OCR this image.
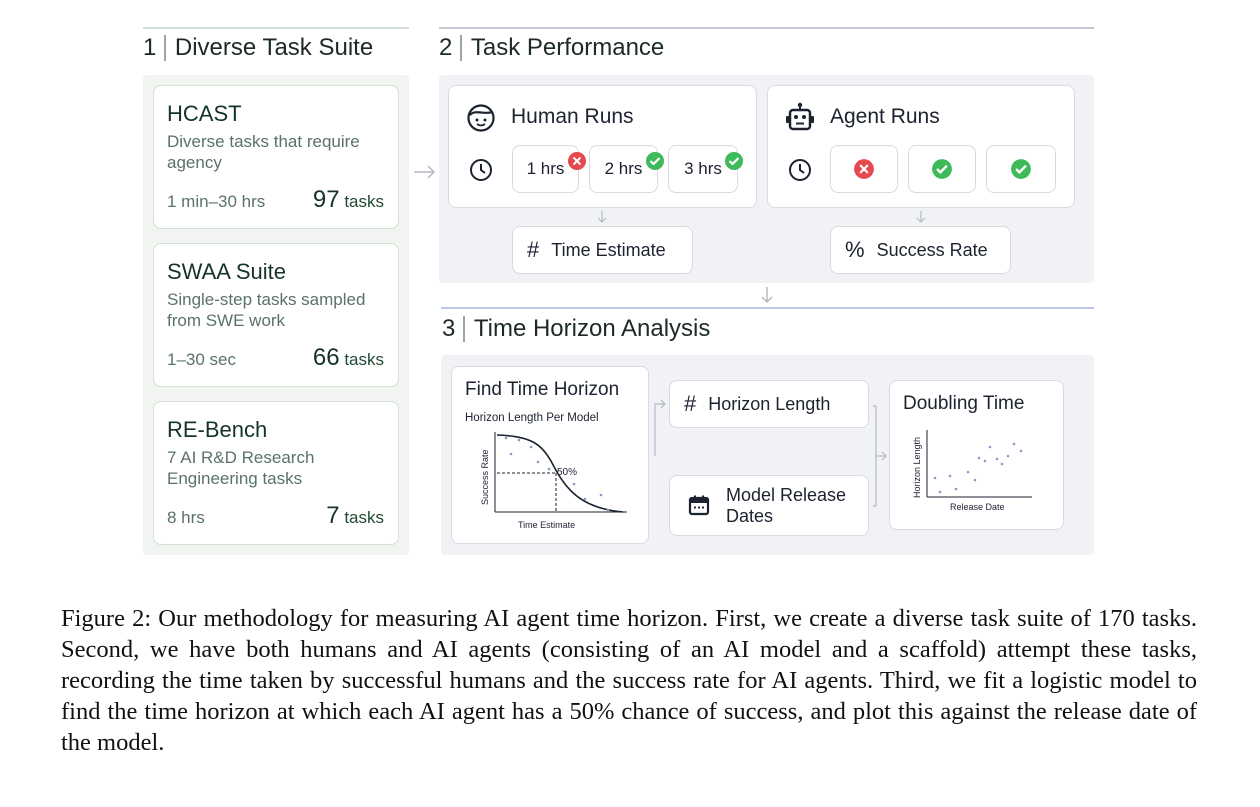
1 Diverse Task Suite
HCAST
Diverse tasks that require agency
1 min–30 hrs 97 tasks
SWAA Suite
Single-step tasks sampled from SWE work
1–30 sec	66 tasks
RE-Bench
7 AI R&D Research Engineering tasks
8 hrs	7 tasks
2 Task Performance
Human Runs
1 hrs 2 hrs 3 hrs
Agent Runs
# Time Estimate	% Success Rate
3 Time Horizon Analysis
Find Time Horizon
Horizon Length Per Model
50%
Success Rate
Time Estimate
# Horizon Length
Model Release
Dates
Doubling Time
Horizon Length
Release Date
Figure 2: Our methodology for measuring AI agent time horizon. First, we create a diverse task suite of 170 tasks. Second, we have both humans and AI agents (consisting of an AI model and a scaffold) attempt these tasks, recording the time taken by successful humans and the success rate for AI agents. Third, we fit a logistic model to find the time horizon at which each AI agent has a 50% chance of success, and plot this against the release date of the model.
